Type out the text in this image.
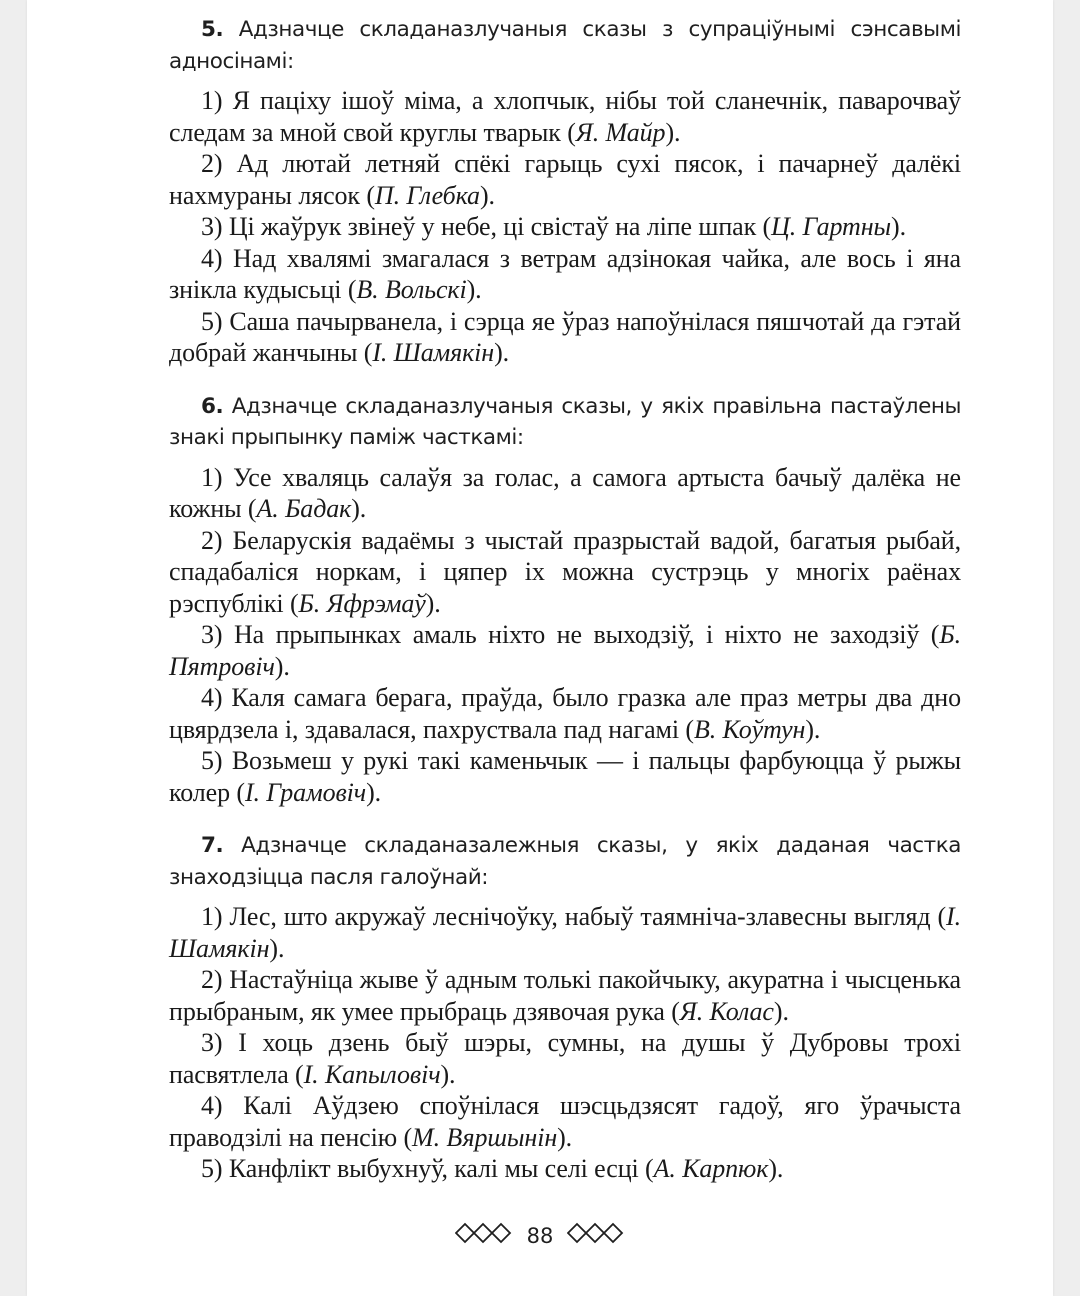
5. Адзначце складаназлучаныя сказы з супрацiўнымi сэнсавымi адносiнамi:

1) Я пацiху iшоў мiма, а хлопчык, нiбы той сланечнiк, паварочваў следам за мной свой круглы тварык (Я. Майр).

2) Ад лютай летняй спёкi гарыць сухi пясок, i пачарнеў далёкi нахмураны лясок (П. Глебка).

3) Цi жаўрук звiнеў у небе, цi свiстаў на лiпе шпак (Ц. Гартны).

4) Над хвалямi змагалася з ветрам адзiнокая чайка, але вось i яна знiкла кудысьцi (В. Вольскi).

5) Саша пачырванела, i сэрца яе ўраз напоўнiлася пяшчотай да гэтай добрай жанчыны (I. Шамякiн).

6. Адзначце складаназлучаныя сказы, у якiх правiльна пастаўлены знакi прыпынку памiж часткамi:

1) Усе хваляць салаўя за голас, а самога артыста бачыў далёка не кожны (А. Бадак).

2) Беларускiя вадаёмы з чыстай празрыстай вадой, багатыя рыбай, спадабалiся норкам, i цяпер iх можна сустрэць у многiх раёнах рэспублiкi (Б. Яфрэмаў).

3) На прыпынках амаль нiхто не выходзiў, i нiхто не заходзiў (Б. Пятровiч).

4) Каля самага берага, праўда, было гразка але праз метры два дно цвярдзела i, здавалася, пахруствала пад нагамi (В. Коўтун).

5) Возьмеш у рукi такi каменьчык — i пальцы фарбуюцца ў рыжы колер (I. Грамовiч).

7. Адзначце складаназалежныя сказы, у якiх даданая частка знаходзiцца пасля галоўнай:

1) Лес, што акружаў леснiчоўку, набыў таямнiча-злавесны выгляд (I. Шамякiн).

2) Настаўнiца жыве ў адным толькi пакойчыку, акуратна i чысценька прыбраным, як умее прыбраць дзявочая рука (Я. Колас).

3) I хоць дзень быў шэры, сумны, на душы ў Дубровы трохi пасвятлела (I. Капыловiч).

4) Калi Аўдзею споўнiлася шэсцьдзясят гадоў, яго ўрачыста праводзiлi на пенсiю (М. Вяршынiн).

5) Канфлiкт выбухнуў, калi мы селi есцi (А. Карпюк).

88
